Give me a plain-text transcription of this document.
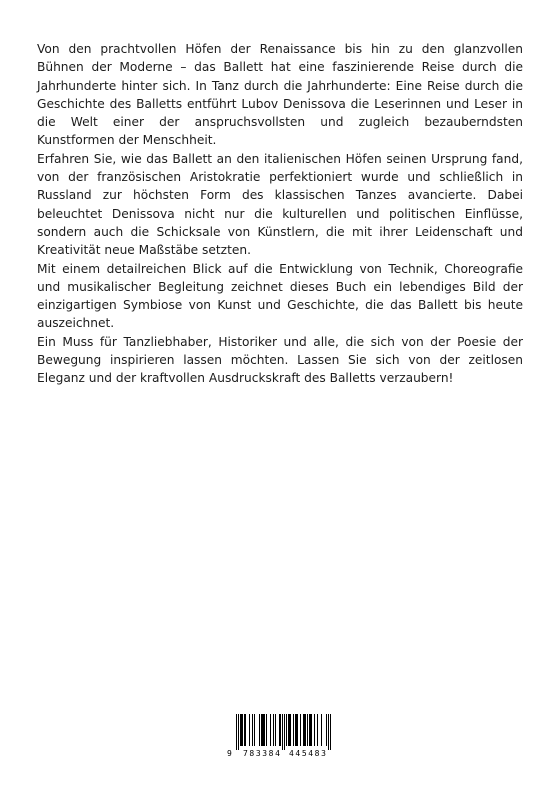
Von den prachtvollen Höfen der Renaissance bis hin zu den glanzvollen Bühnen der Moderne – das Ballett hat eine faszinierende Reise durch die Jahrhunderte hinter sich. In Tanz durch die Jahrhunderte: Eine Reise durch die Geschichte des Balletts entführt Lubov Denissova die Leserinnen und Leser in die Welt einer der anspruchsvollsten und zugleich bezauberndsten Kunstformen der Menschheit.

Erfahren Sie, wie das Ballett an den italienischen Höfen seinen Ursprung fand, von der französischen Aristokratie perfektioniert wurde und schließlich in Russland zur höchsten Form des klassischen Tanzes avancierte. Dabei beleuchtet Denissova nicht nur die kulturellen und politischen Einflüsse, sondern auch die Schicksale von Künstlern, die mit ihrer Leidenschaft und Kreativität neue Maßstäbe setzten.

Mit einem detailreichen Blick auf die Entwicklung von Technik, Choreografie und musikalischer Begleitung zeichnet dieses Buch ein lebendiges Bild der einzigartigen Symbiose von Kunst und Geschichte, die das Ballett bis heute auszeichnet.

Ein Muss für Tanzliebhaber, Historiker und alle, die sich von der Poesie der Bewegung inspirieren lassen möchten. Lassen Sie sich von der zeitlosen Eleganz und der kraftvollen Ausdruckskraft des Balletts verzaubern!

9 783384 445483
